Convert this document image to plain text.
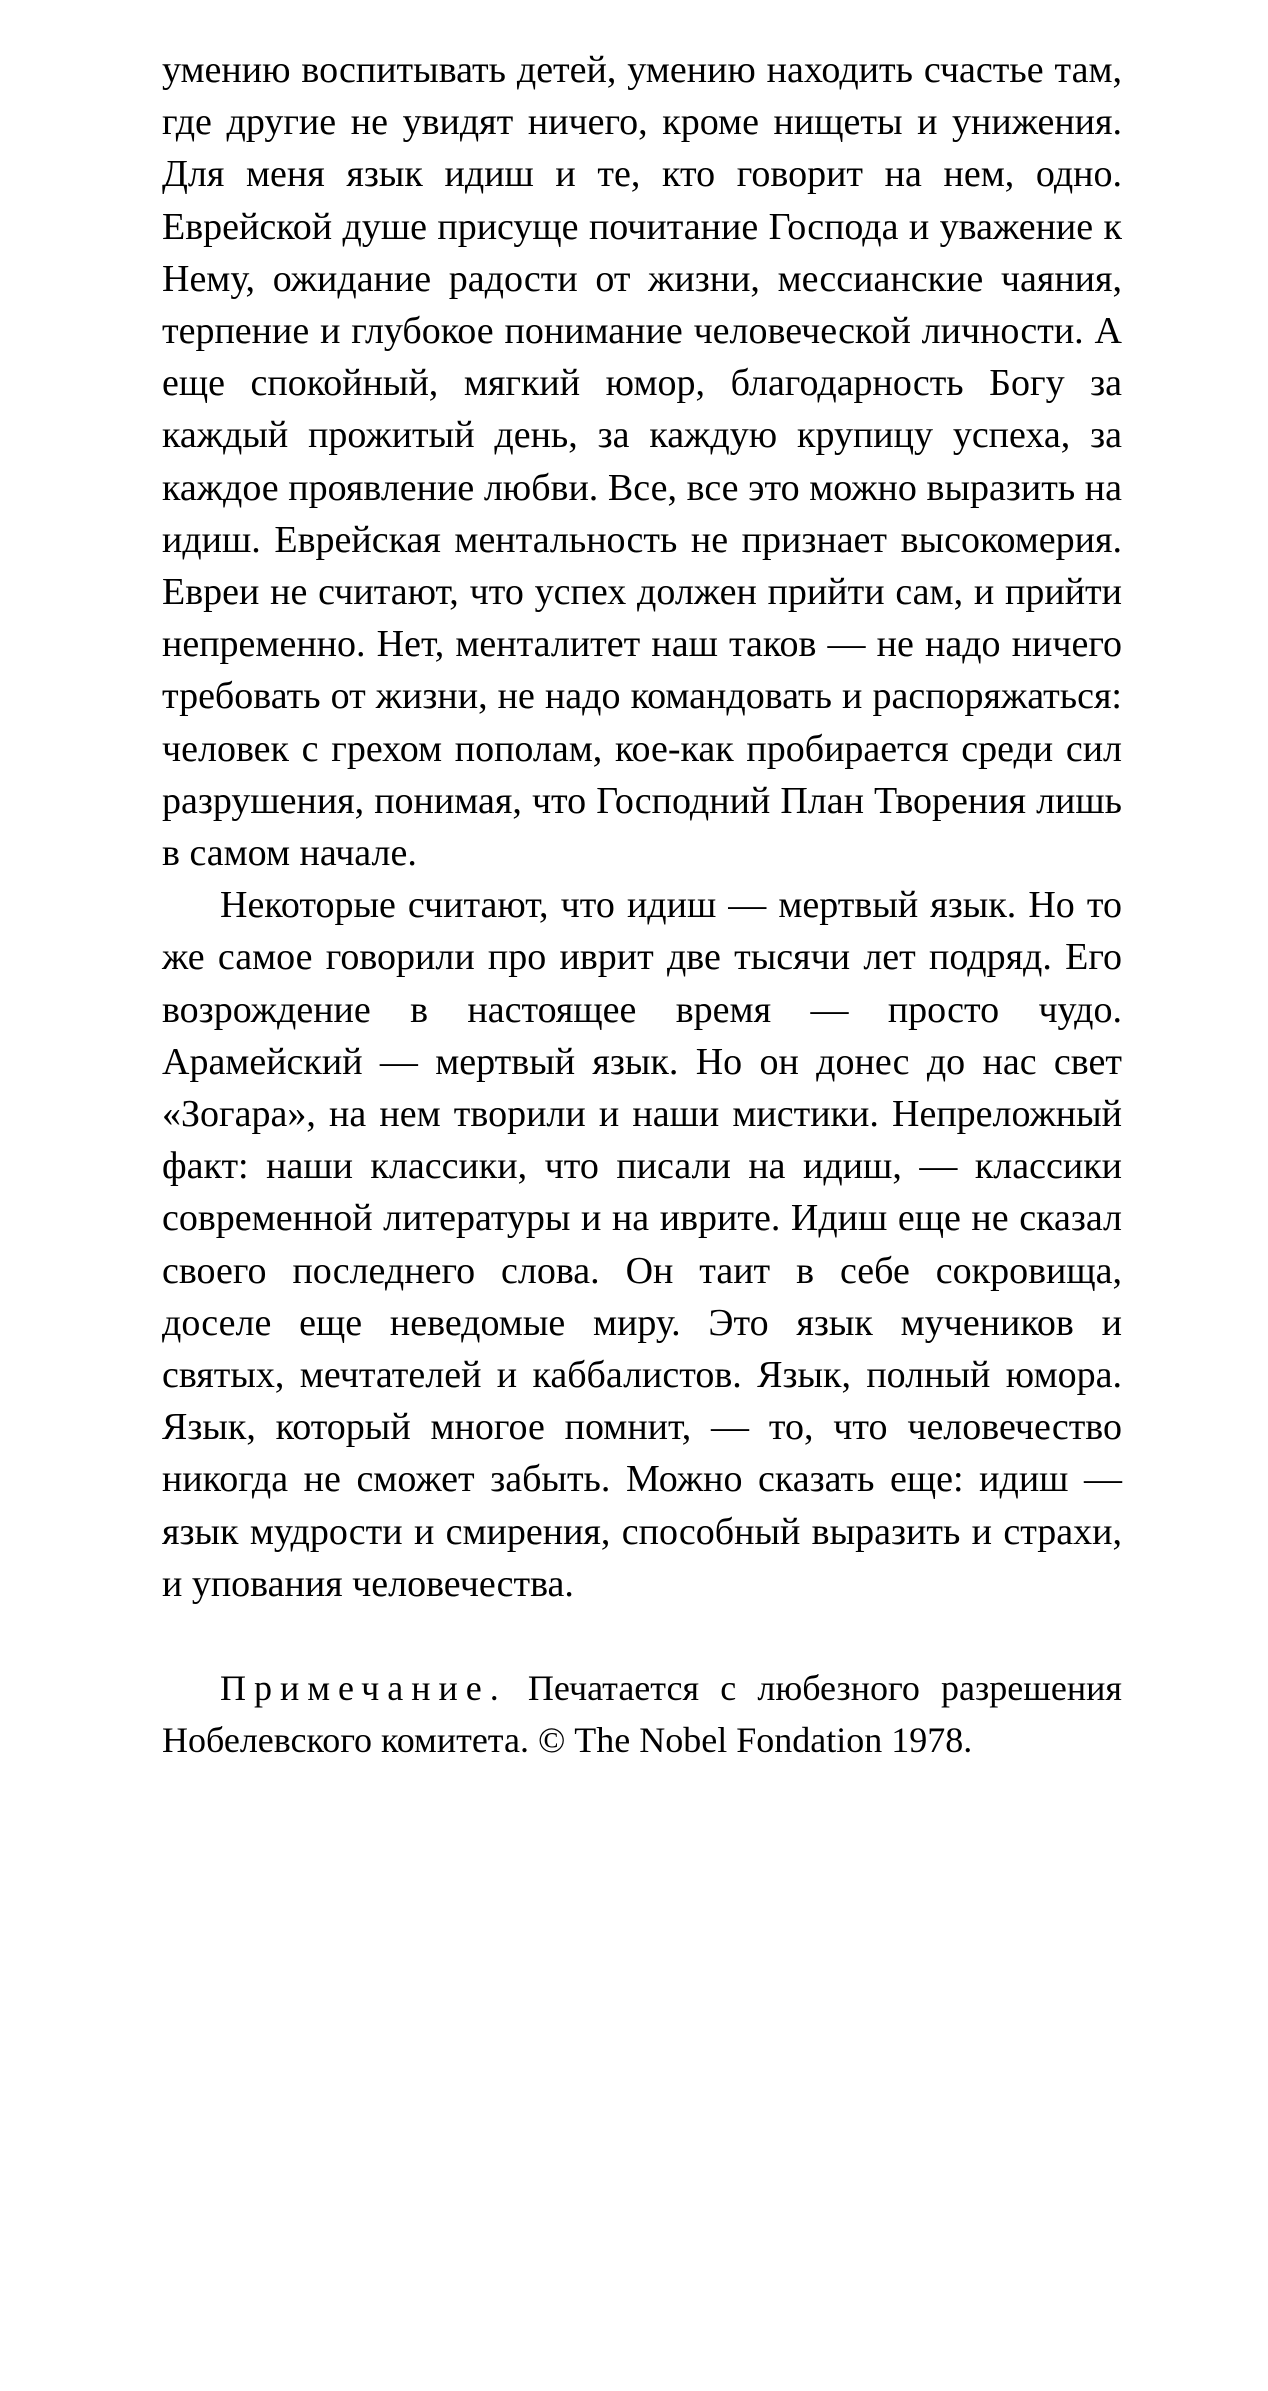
умению воспитывать детей, умению находить счастье там, где другие не увидят ничего, кроме нищеты и унижения. Для меня язык идиш и те, кто говорит на нем, одно. Еврейской душе присуще почитание Господа и уважение к Нему, ожидание радости от жизни, мессианские чаяния, терпение и глубокое понимание человеческой личности. А еще спокойный, мягкий юмор, благодарность Богу за каждый прожитый день, за каждую крупицу успеха, за каждое проявление любви. Все, все это можно выразить на идиш. Еврейская ментальность не признает высокомерия. Евреи не считают, что успех должен прийти сам, и прийти непременно. Нет, менталитет наш таков — не надо ничего требовать от жизни, не надо командовать и распоряжаться: человек с грехом пополам, кое-как пробирается среди сил разрушения, понимая, что Господний План Творения лишь в самом начале.

Некоторые считают, что идиш — мертвый язык. Но то же самое говорили про иврит две тысячи лет подряд. Его возрождение в настоящее время — просто чудо. Арамейский — мертвый язык. Но он донес до нас свет «Зогара», на нем творили и наши мистики. Непреложный факт: наши классики, что писали на идиш, — классики современной литературы и на иврите. Идиш еще не сказал своего последнего слова. Он таит в себе сокровища, доселе еще неведомые миру. Это язык мучеников и святых, мечтателей и каббалистов. Язык, полный юмора. Язык, который многое помнит, — то, что человечество никогда не сможет забыть. Можно сказать еще: идиш — язык мудрости и смирения, способный выразить и страхи, и упования человечества.

Примечание. Печатается с любезного разрешения Нобелевского комитета. © The Nobel Fondation 1978.
